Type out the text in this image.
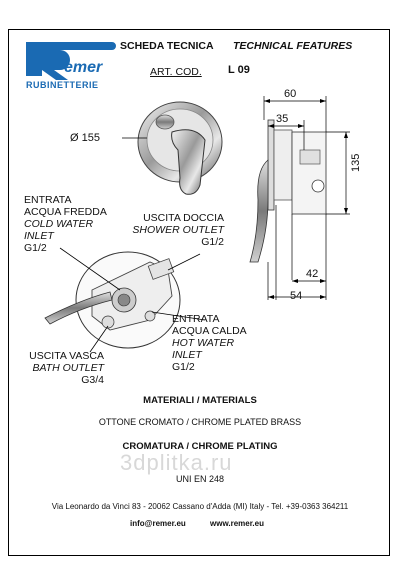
emer
RUBINETTERIE
SCHEDA TECNICA TECHNICAL FEATURES
ART. COD. L 09
Ø 155
60
35
135
42
54
ENTRATA
ACQUA FREDDA
COLD WATER
INLET
G1/2
USCITA DOCCIA
SHOWER OUTLET
G1/2
ENTRATA
ACQUA CALDA
HOT WATER
INLET
G1/2
USCITA VASCA
BATH OUTLET
G3/4
MATERIALI / MATERIALS
OTTONE CROMATO / CHROME PLATED BRASS
CROMATURA / CHROME PLATING
3dplitka.ru
UNI EN 248
Via Leonardo da Vinci 83 - 20062 Cassano d'Adda (MI) Italy - Tel. +39-0363 364211
info@remer.eu	www.remer.eu
